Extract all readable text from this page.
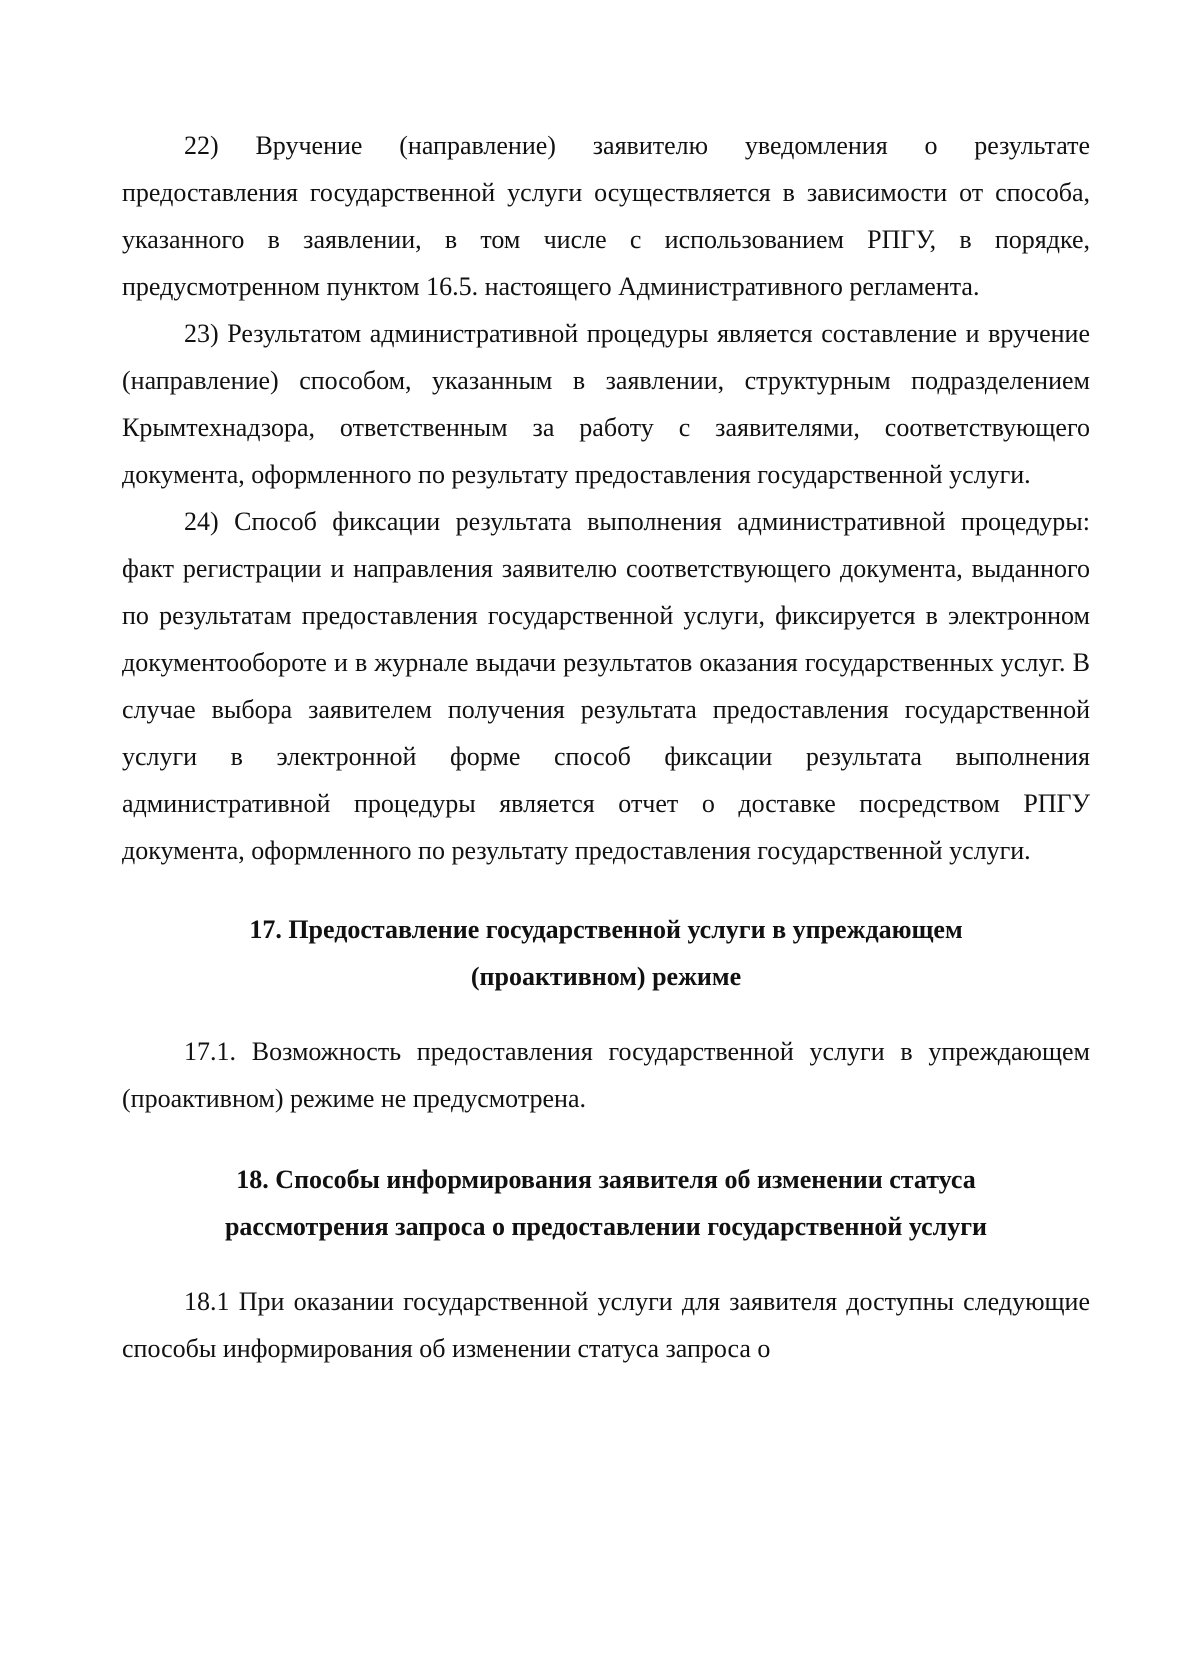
22) Вручение (направление) заявителю уведомления о результате предоставления государственной услуги осуществляется в зависимости от способа, указанного в заявлении, в том числе с использованием РПГУ, в порядке, предусмотренном пунктом 16.5. настоящего Административного регламента.

23) Результатом административной процедуры является составление и вручение (направление) способом, указанным в заявлении, структурным подразделением Крымтехнадзора, ответственным за работу с заявителями, соответствующего документа, оформленного по результату предоставления государственной услуги.

24) Способ фиксации результата выполнения административной процедуры: факт регистрации и направления заявителю соответствующего документа, выданного по результатам предоставления государственной услуги, фиксируется в электронном документообороте и в журнале выдачи результатов оказания государственных услуг. В случае выбора заявителем получения результата предоставления государственной услуги в электронной форме способ фиксации результата выполнения административной процедуры является отчет о доставке посредством РПГУ документа, оформленного по результату предоставления государственной услуги.

17. Предоставление государственной услуги в упреждающем
(проактивном) режиме

17.1. Возможность предоставления государственной услуги в упреждающем (проактивном) режиме не предусмотрена.

18. Способы информирования заявителя об изменении статуса
рассмотрения запроса о предоставлении государственной услуги

18.1 При оказании государственной услуги для заявителя доступны следующие способы информирования об изменении статуса запроса о
